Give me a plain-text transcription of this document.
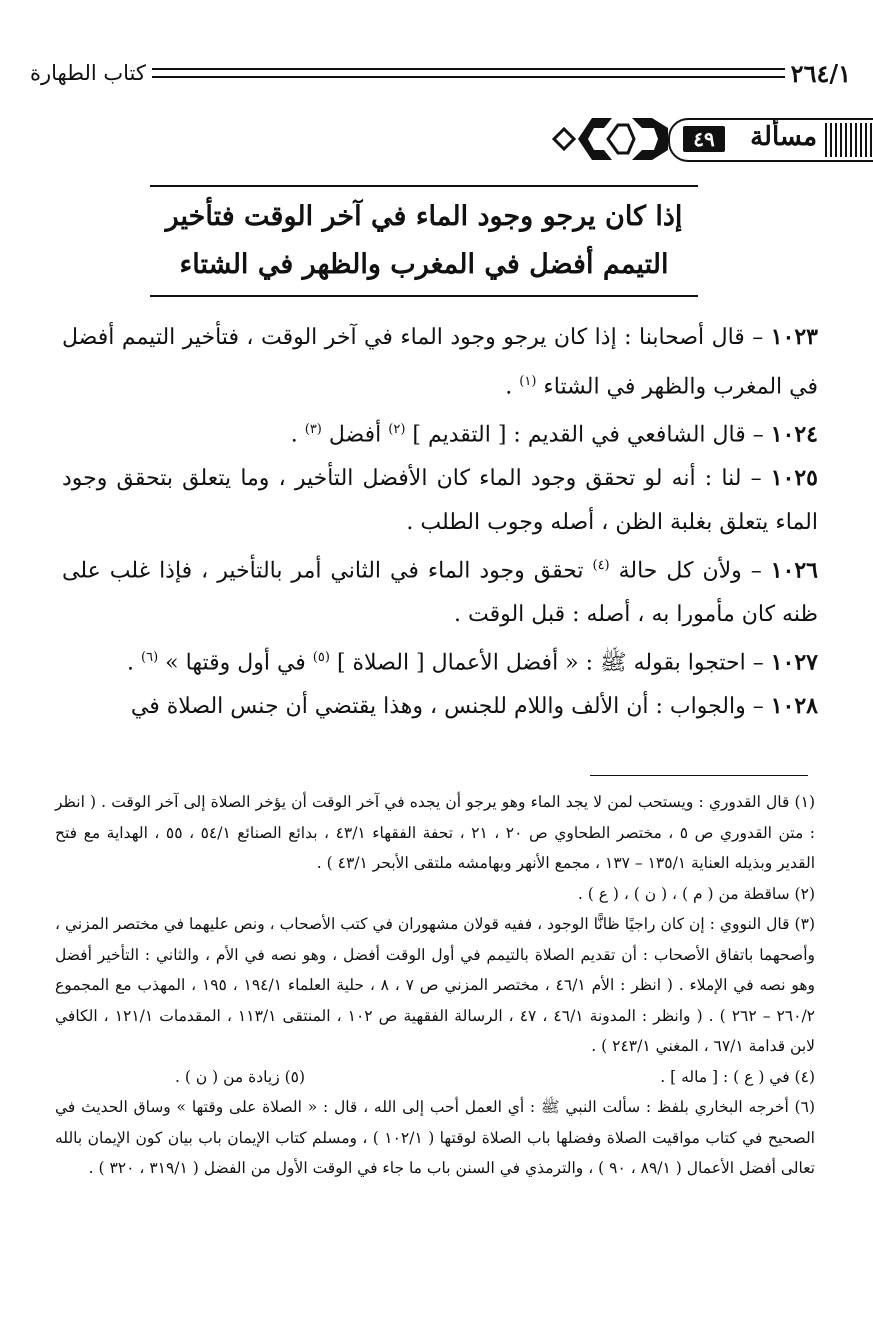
كتاب الطهارة	٢٦٤/١
مسألة
٤٩
إذا كان يرجو وجود الماء في آخر الوقت فتأخير
التيمم أفضل في المغرب والظهر في الشتاء

١٠٢٣ – قال أصحابنا : إذا كان يرجو وجود الماء في آخر الوقت ، فتأخير التيمم أفضل في المغرب والظهر في الشتاء $^{(١)}$ .

١٠٢٤ – قال الشافعي في القديم : [ التقديم ] $^{(٢)}$ أفضل $^{(٣)}$ .

١٠٢٥ – لنا : أنه لو تحقق وجود الماء كان الأفضل التأخير ، وما يتعلق بتحقق وجود الماء يتعلق بغلبة الظن ، أصله وجوب الطلب .

١٠٢٦ – ولأن كل حالة $^{(٤)}$ تحقق وجود الماء في الثاني أمر بالتأخير ، فإذا غلب على ظنه كان مأمورا به ، أصله : قبل الوقت .

١٠٢٧ – احتجوا بقوله ﷺ : « أفضل الأعمال [ الصلاة ] $^{(٥)}$ في أول وقتها » $^{(٦)}$ .

١٠٢٨ – والجواب : أن الألف واللام للجنس ، وهذا يقتضي أن جنس الصلاة في

(١) قال القدوري : ويستحب لمن لا يجد الماء وهو يرجو أن يجده في آخر الوقت أن يؤخر الصلاة إلى آخر الوقت . ( انظر : متن القدوري ص ٥ ، مختصر الطحاوي ص ٢٠ ، ٢١ ، تحفة الفقهاء ٤٣/١ ، بدائع الصنائع ٥٤/١ ، ٥٥ ، الهداية مع فتح القدير وبذيله العناية ١٣٥/١ – ١٣٧ ، مجمع الأنهر وبهامشه ملتقى الأبحر ٤٣/١ ) .

(٢) ساقطة من ( م ) ، ( ن ) ، ( ع ) .

(٣) قال النووي : إن كان راجيًا ظانًّا الوجود ، ففيه قولان مشهوران في كتب الأصحاب ، ونص عليهما في مختصر المزني ، وأصحهما باتفاق الأصحاب : أن تقديم الصلاة بالتيمم في أول الوقت أفضل ، وهو نصه في الأم ، والثاني : التأخير أفضل وهو نصه في الإملاء . ( انظر : الأم ٤٦/١ ، مختصر المزني ص ٧ ، ٨ ، حلية العلماء ١٩٤/١ ، ١٩٥ ، المهذب مع المجموع ٢٦٠/٢ – ٢٦٢ ) . ( وانظر : المدونة ٤٦/١ ، ٤٧ ، الرسالة الفقهية ص ١٠٢ ، المنتقى ١١٣/١ ، المقدمات ١٢١/١ ، الكافي لابن قدامة ٦٧/١ ، المغني ٢٤٣/١ ) .

(٤) في ( ع ) : [ ماله ] .
(٥) زيادة من ( ن ) .

(٦) أخرجه البخاري بلفظ : سألت النبي ﷺ : أي العمل أحب إلى الله ، قال : « الصلاة على وقتها » وساق الحديث في الصحيح في كتاب مواقيت الصلاة وفضلها باب الصلاة لوقتها ( ١٠٢/١ ) ، ومسلم كتاب الإيمان باب بيان كون الإيمان بالله تعالى أفضل الأعمال ( ٨٩/١ ، ٩٠ ) ، والترمذي في السنن باب ما جاء في الوقت الأول من الفضل ( ٣١٩/١ ، ٣٢٠ ) .
